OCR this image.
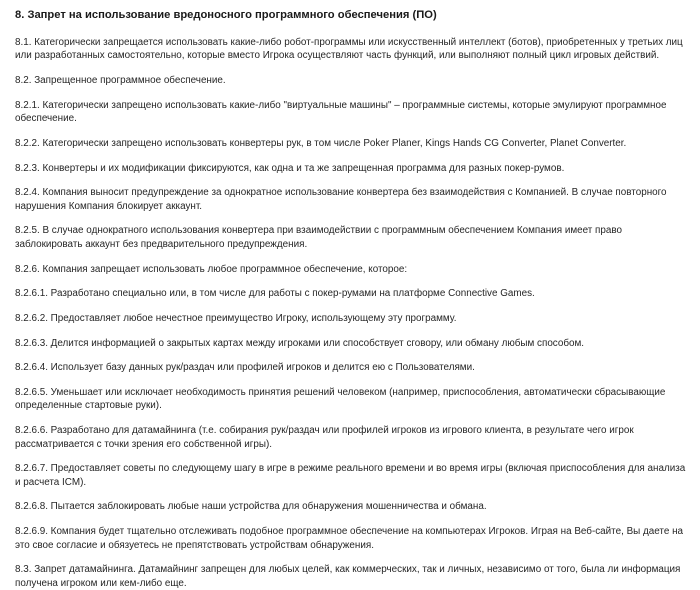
8. Запрет на использование вредоносного программного обеспечения (ПО)

8.1. Категорически запрещается использовать какие-либо робот-программы или искусственный интеллект (ботов), приобретенных у третьих лиц или разработанных самостоятельно, которые вместо Игрока осуществляют часть функций, или выполняют полный цикл игровых действий.

8.2. Запрещенное программное обеспечение.

8.2.1. Категорически запрещено использовать какие-либо "виртуальные машины" – программные системы, которые эмулируют программное обеспечение.

8.2.2. Категорически запрещено использовать конвертеры рук, в том числе Poker Planer, Kings Hands CG Converter, Planet Converter.

8.2.3. Конвертеры и их модификации фиксируются, как одна и та же запрещенная программа для разных покер-румов.

8.2.4. Компания выносит предупреждение за однократное использование конвертера без взаимодействия с Компанией. В случае повторного нарушения Компания блокирует аккаунт.

8.2.5. В случае однократного использования конвертера при взаимодействии с программным обеспечением Компания имеет право заблокировать аккаунт без предварительного предупреждения.

8.2.6. Компания запрещает использовать любое программное обеспечение, которое:

8.2.6.1. Разработано специально или, в том числе для работы с покер-румами на платформе Connective Games.

8.2.6.2. Предоставляет любое нечестное преимущество Игроку, использующему эту программу.

8.2.6.3. Делится информацией о закрытых картах между игроками или способствует сговору, или обману любым способом.

8.2.6.4. Использует базу данных рук/раздач или профилей игроков и делится ею с Пользователями.

8.2.6.5. Уменьшает или исключает необходимость принятия решений человеком (например, приспособления, автоматически сбрасывающие определенные стартовые руки).

8.2.6.6. Разработано для датамайнинга (т.е. собирания рук/раздач или профилей игроков из игрового клиента, в результате чего игрок рассматривается с точки зрения его собственной игры).

8.2.6.7. Предоставляет советы по следующему шагу в игре в режиме реального времени и во время игры (включая приспособления для анализа и расчета ICM).

8.2.6.8. Пытается заблокировать любые наши устройства для обнаружения мошенничества и обмана.

8.2.6.9. Компания будет тщательно отслеживать подобное программное обеспечение на компьютерах Игроков. Играя на Веб-сайте, Вы даете на это свое согласие и обязуетесь не препятствовать устройствам обнаружения.

8.3. Запрет датамайнинга. Датамайнинг запрещен для любых целей, как коммерческих, так и личных, независимо от того, была ли информация получена игроком или кем-либо еще.
